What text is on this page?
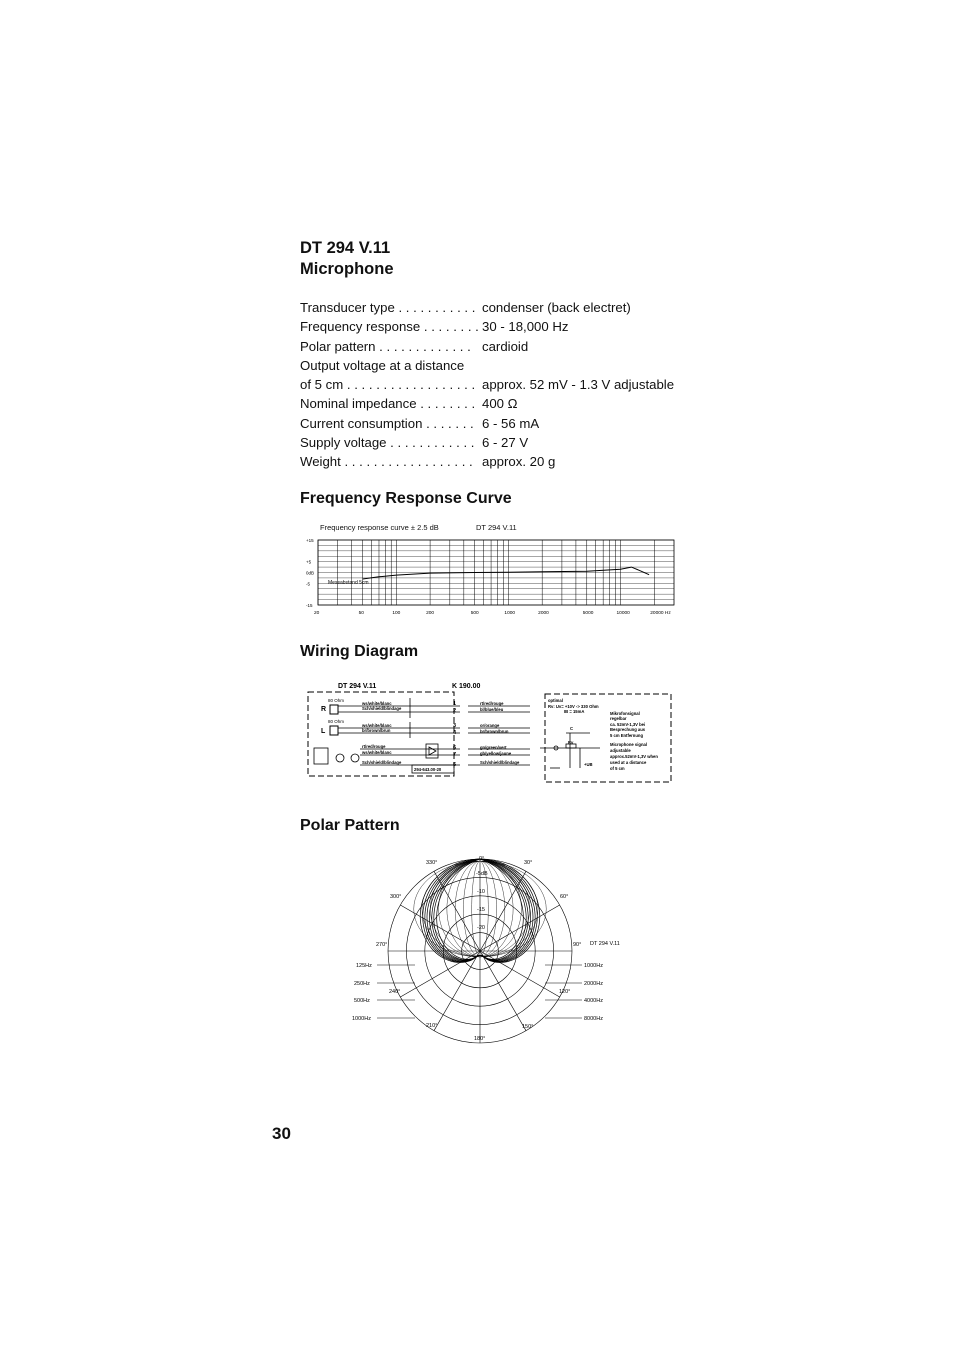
DT 294 V.11
Microphone
Transducer type . . . . . . . . . . . condenser (back electret)
Frequency response . . . . . . . . 30 - 18,000 Hz
Polar pattern . . . . . . . . . . . . . cardioid
Output voltage at a distance
of 5 cm . . . . . . . . . . . . . . . . . . approx. 52 mV - 1.3 V adjustable
Nominal impedance . . . . . . . . 400 Ω
Current consumption . . . . . . . 6 - 56 mA
Supply voltage . . . . . . . . . . . . 6 - 27 V
Weight . . . . . . . . . . . . . . . . . . approx. 20 g
Frequency Response Curve
Frequency response curve ± 2.5 dB	DT 294 V.11
+15
+5
0dB
-5
-15
20	50	100	200	500	1000	2000	5000	10000	20000 Hz
Messabstand 5cm
Wiring Diagram
DT 294 V.11	K 190.00
R
L
80 Ohm
80 Ohm
ws/white/blanc
Sch/shield/blindage
ws/white/blanc
br/brown/brun
rt/red/rouge
ws/white/blanc
Sch/shield/blindage
294-643.00-20
1
2
3
4
6
7
5
rt/red/rouge
bl/blue/bleu
or/orange
br/brown/brun
gn/green/vert
gb/yellow/jaune
Sch/shield/blindage
optimal
Rv: Uv= +10V -> 330 Ohm
IB = 15mA	Mikrofonsignal
regelbar
ca. 52mV-1,3V bei
Besprechung aus
5 cm Entfernung
Microphone signal
adjustable
approx.52mV-1,3V when
used at a distance
of 5 cm
C
Rv
+UB
Polar Pattern
0°
30°
60°
90°
120°
150°
180°
210°
240°
270°
300°
330°
-5dB
-10
-15
-20
DT 294 V.11
125Hz
250Hz
500Hz
1000Hz
1000Hz
2000Hz
4000Hz
8000Hz
30
